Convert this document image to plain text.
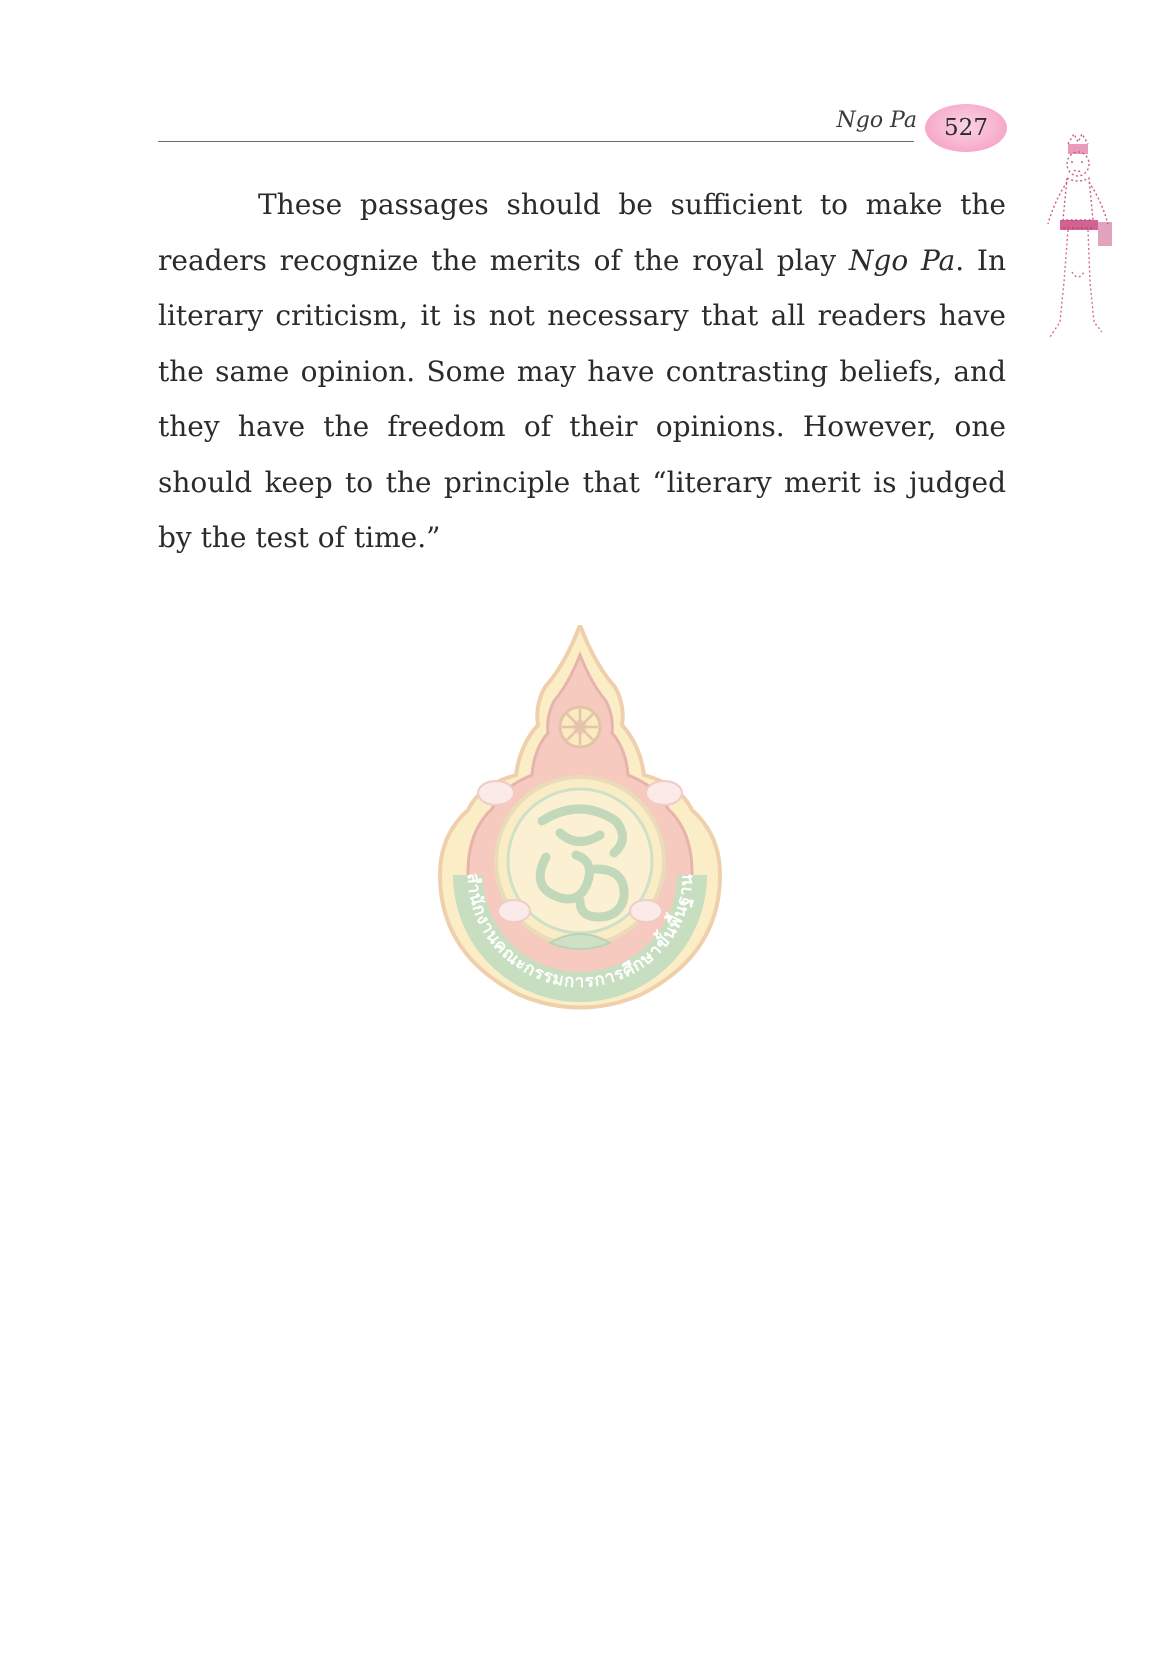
Ngo Pa 527

These passages should be sufficient to make the readers recognize the merits of the royal play Ngo Pa. In literary criticism, it is not necessary that all readers have the same opinion. Some may have contrasting beliefs, and they have the freedom of their opinions. However, one should keep to the principle that “literary merit is judged by the test of time.”

สำนักงานคณะกรรมการการศึกษาขั้นพื้นฐาน
